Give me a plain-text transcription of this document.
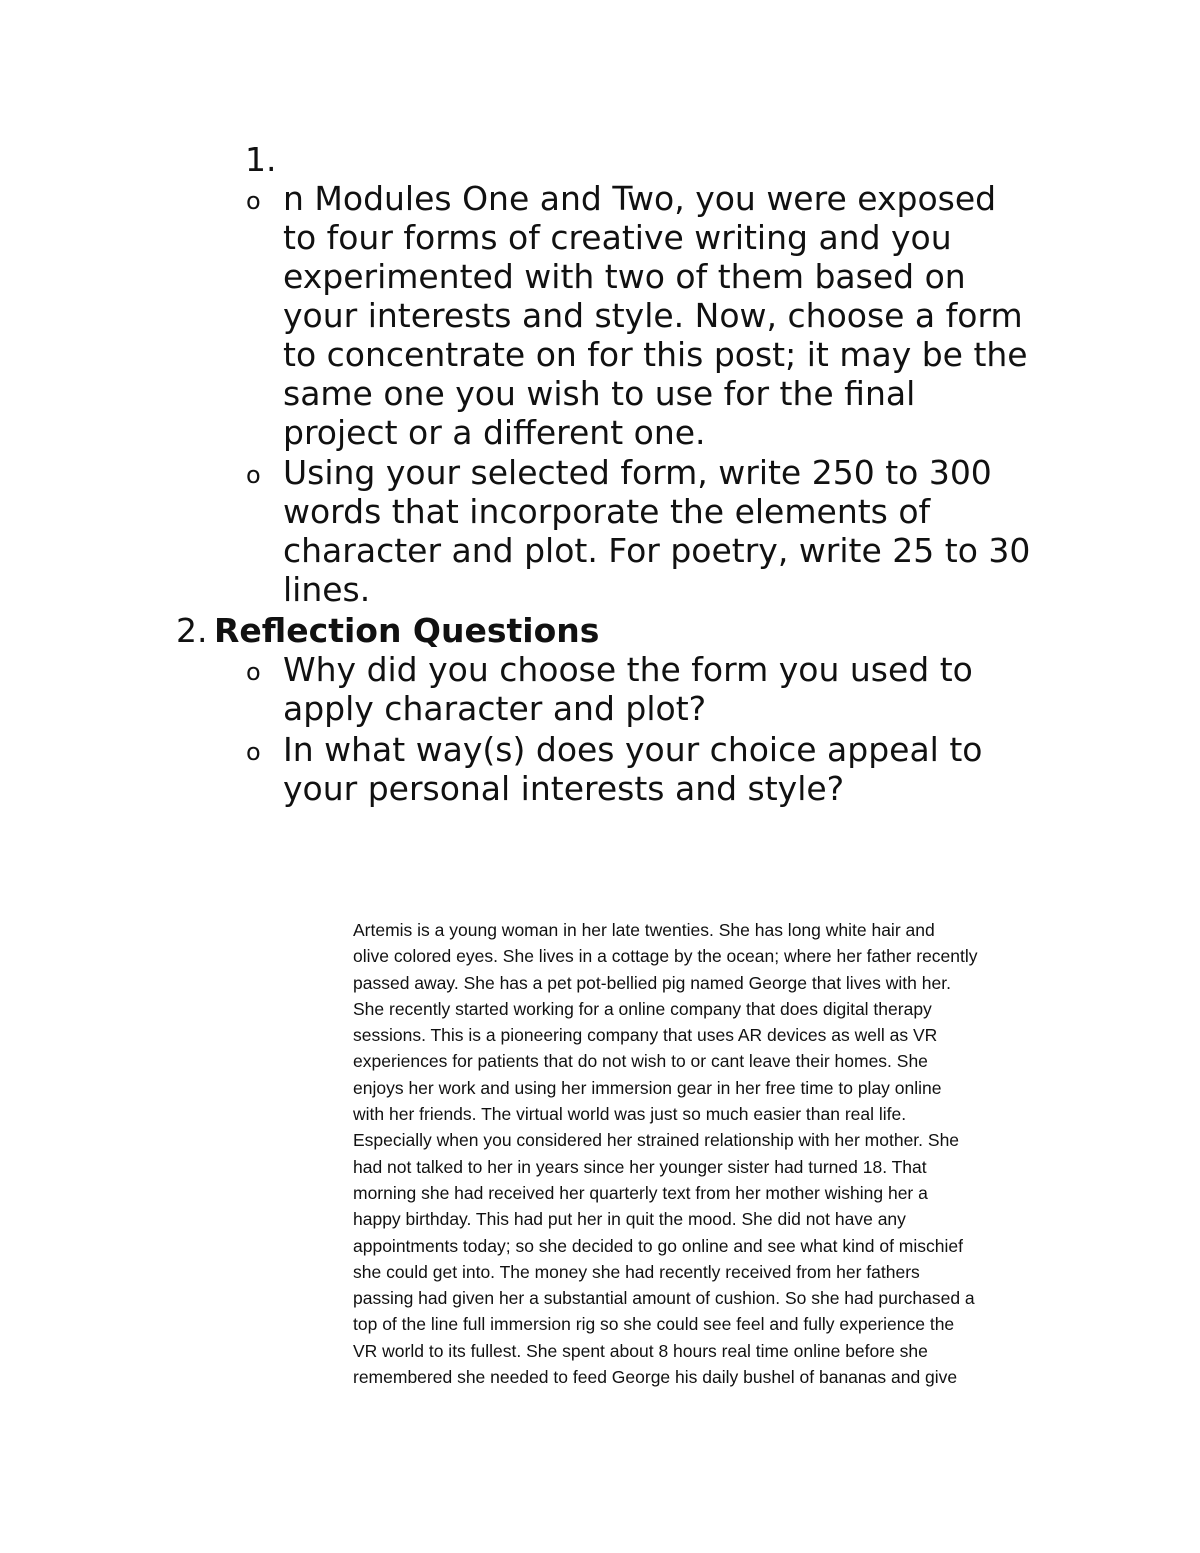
1.
o n Modules One and Two, you were exposed
to four forms of creative writing and you
experimented with two of them based on
your interests and style. Now, choose a form
to concentrate on for this post; it may be the
same one you wish to use for the final
project or a different one.
o Using your selected form, write 250 to 300
words that incorporate the elements of
character and plot. For poetry, write 25 to 30
lines.
2. Reflection Questions
o Why did you choose the form you used to
apply character and plot?
o In what way(s) does your choice appeal to
your personal interests and style?
Artemis is a young woman in her late twenties. She has long white hair and
olive colored eyes. She lives in a cottage by the ocean; where her father recently
passed away. She has a pet pot-bellied pig named George that lives with her.
She recently started working for a online company that does digital therapy
sessions. This is a pioneering company that uses AR devices as well as VR
experiences for patients that do not wish to or cant leave their homes. She
enjoys her work and using her immersion gear in her free time to play online
with her friends. The virtual world was just so much easier than real life.
Especially when you considered her strained relationship with her mother. She
had not talked to her in years since her younger sister had turned 18. That
morning she had received her quarterly text from her mother wishing her a
happy birthday. This had put her in quit the mood. She did not have any
appointments today; so she decided to go online and see what kind of mischief
she could get into. The money she had recently received from her fathers
passing had given her a substantial amount of cushion. So she had purchased a
top of the line full immersion rig so she could see feel and fully experience the
VR world to its fullest. She spent about 8 hours real time online before she
remembered she needed to feed George his daily bushel of bananas and give
